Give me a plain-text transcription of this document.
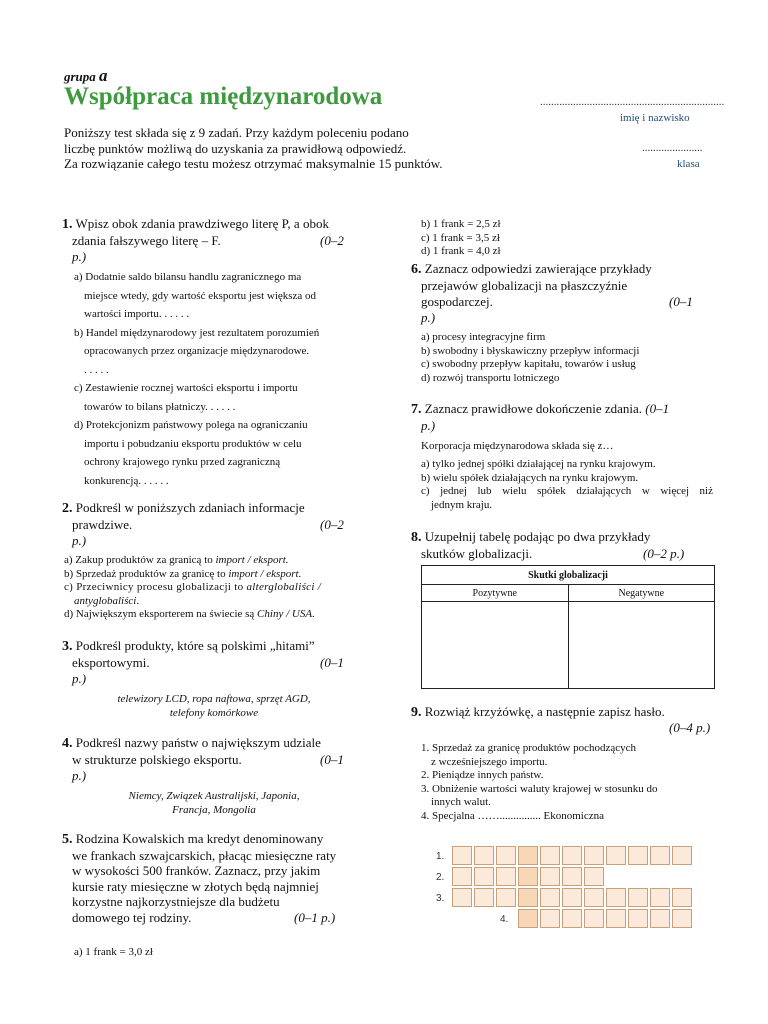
grupa a
Współpraca międzynarodowa	...................................................................
imię i nazwisko
......................
klasa
Poniższy test składa się z 9 zadań. Przy każdym poleceniu podano
liczbę punktów możliwą do uzyskania za prawidłową odpowiedź.
Za rozwiązanie całego testu możesz otrzymać maksymalnie 15 punktów.
1. Wpisz obok zdania prawdziwego literę P, a obok
zdania fałszywego literę – F.	(0–2
p.)
a) Dodatnie saldo bilansu handlu zagranicznego ma
miejsce wtedy, gdy wartość eksportu jest większa od
wartości importu. . . . . .
b) Handel międzynarodowy jest rezultatem porozumień
opracowanych przez organizacje międzynarodowe.
. . . . .
c) Zestawienie rocznej wartości eksportu i importu
towarów to bilans płatniczy. . . . . .
d) Protekcjonizm państwowy polega na ograniczaniu
importu i pobudzaniu eksportu produktów w celu
ochrony krajowego rynku przed zagraniczną
konkurencją. . . . . .
2. Podkreśl w poniższych zdaniach informacje
prawdziwe.	(0–2
p.)
a) Zakup produktów za granicą to import / eksport.
b) Sprzedaż produktów za granicę to import / eksport.
c) Przeciwnicy procesu globalizacji to alterglobaliści /
antyglobaliści.
d) Największym eksporterem na świecie są Chiny / USA.
3. Podkreśl produkty, które są polskimi „hitami”
eksportowymi.	(0–1
p.)
telewizory LCD, ropa naftowa, sprzęt AGD,
telefony komórkowe
4. Podkreśl nazwy państw o największym udziale
w strukturze polskiego eksportu.	(0–1
p.)
Niemcy, Związek Australijski, Japonia,
Francja, Mongolia
5. Rodzina Kowalskich ma kredyt denominowany
we frankach szwajcarskich, płacąc miesięczne raty
w wysokości 500 franków. Zaznacz, przy jakim
kursie raty miesięczne w złotych będą najmniej
korzystne najkorzystniejsze dla budżetu
domowego tej rodziny.	(0–1 p.)
a) 1 frank = 3,0 zł
b) 1 frank = 2,5 zł
c) 1 frank = 3,5 zł
d) 1 frank = 4,0 zł
6. Zaznacz odpowiedzi zawierające przykłady
przejawów globalizacji na płaszczyźnie
gospodarczej.	(0–1
p.)
a) procesy integracyjne firm
b) swobodny i błyskawiczny przepływ informacji
c) swobodny przepływ kapitału, towarów i usług
d) rozwój transportu lotniczego
7. Zaznacz prawidłowe dokończenie zdania. (0–1
p.)
Korporacja międzynarodowa składa się z…
a) tylko jednej spółki działającej na rynku krajowym.
b) wielu spółek działających na rynku krajowym.
c) jednej lub wielu spółek działających w więcej niż
jednym kraju.
8. Uzupełnij tabelę podając po dwa przykłady
skutków globalizacji.	(0–2 p.)
Skutki globalizacji	
Pozytywne	Negatywne

9. Rozwiąż krzyżówkę, a następnie zapisz hasło.
(0–4 p.)
1. Sprzedaż za granicę produktów pochodzących
z wcześniejszego importu.
2. Pieniądze innych państw.
3. Obniżenie wartości waluty krajowej w stosunku do
innych walut.
4. Specjalna ……............... Ekonomiczna
1.
2.
3.
4.
